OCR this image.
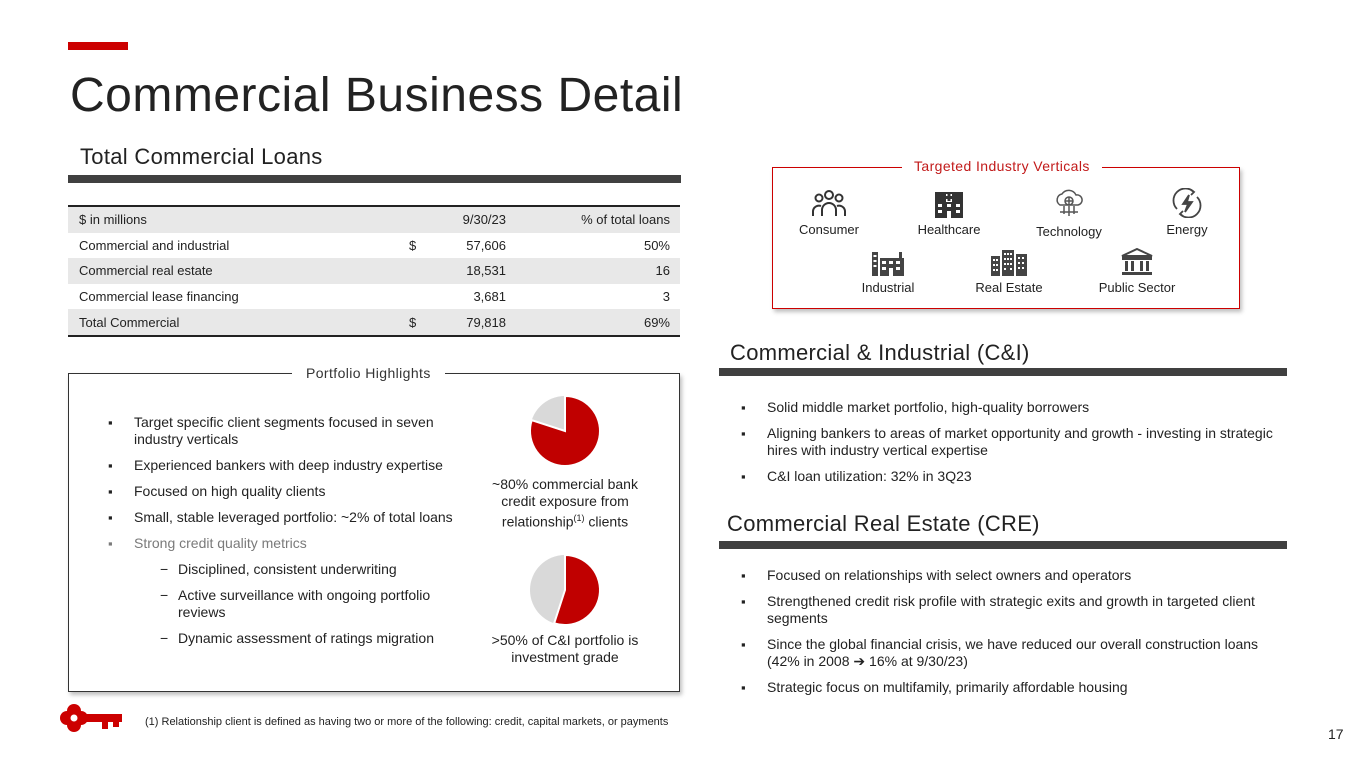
Commercial Business Detail
Total Commercial Loans
$ in millions		9/30/23	% of total loans
Commercial and industrial	$	57,606	50%
Commercial real estate		18,531	16
Commercial lease financing		3,681	3
Total Commercial	$	79,818	69%
Targeted Industry Verticals
Consumer	Healthcare	Technology	Energy
Industrial	Real Estate	Public Sector
Portfolio Highlights
▪ Target specific client segments focused in seven industry verticals
▪ Experienced bankers with deep industry expertise
▪ Focused on high quality clients
▪ Small, stable leveraged portfolio: ~2% of total loans
▪ Strong credit quality metrics
− Disciplined, consistent underwriting
− Active surveillance with ongoing portfolio reviews
− Dynamic assessment of ratings migration
~80% commercial bank credit exposure from relationship$^{(1)}$ clients
>50% of C&I portfolio is investment grade
Commercial & Industrial (C&I)
▪ Solid middle market portfolio, high-quality borrowers
▪ Aligning bankers to areas of market opportunity and growth - investing in strategic hires with industry vertical expertise
▪ C&I loan utilization: 32% in 3Q23
Commercial Real Estate (CRE)
▪ Focused on relationships with select owners and operators
▪ Strengthened credit risk profile with strategic exits and growth in targeted client segments
▪ Since the global financial crisis, we have reduced our overall construction loans (42% in 2008 ➔ 16% at 9/30/23)
▪ Strategic focus on multifamily, primarily affordable housing
(1) Relationship client is defined as having two or more of the following: credit, capital markets, or payments
17
